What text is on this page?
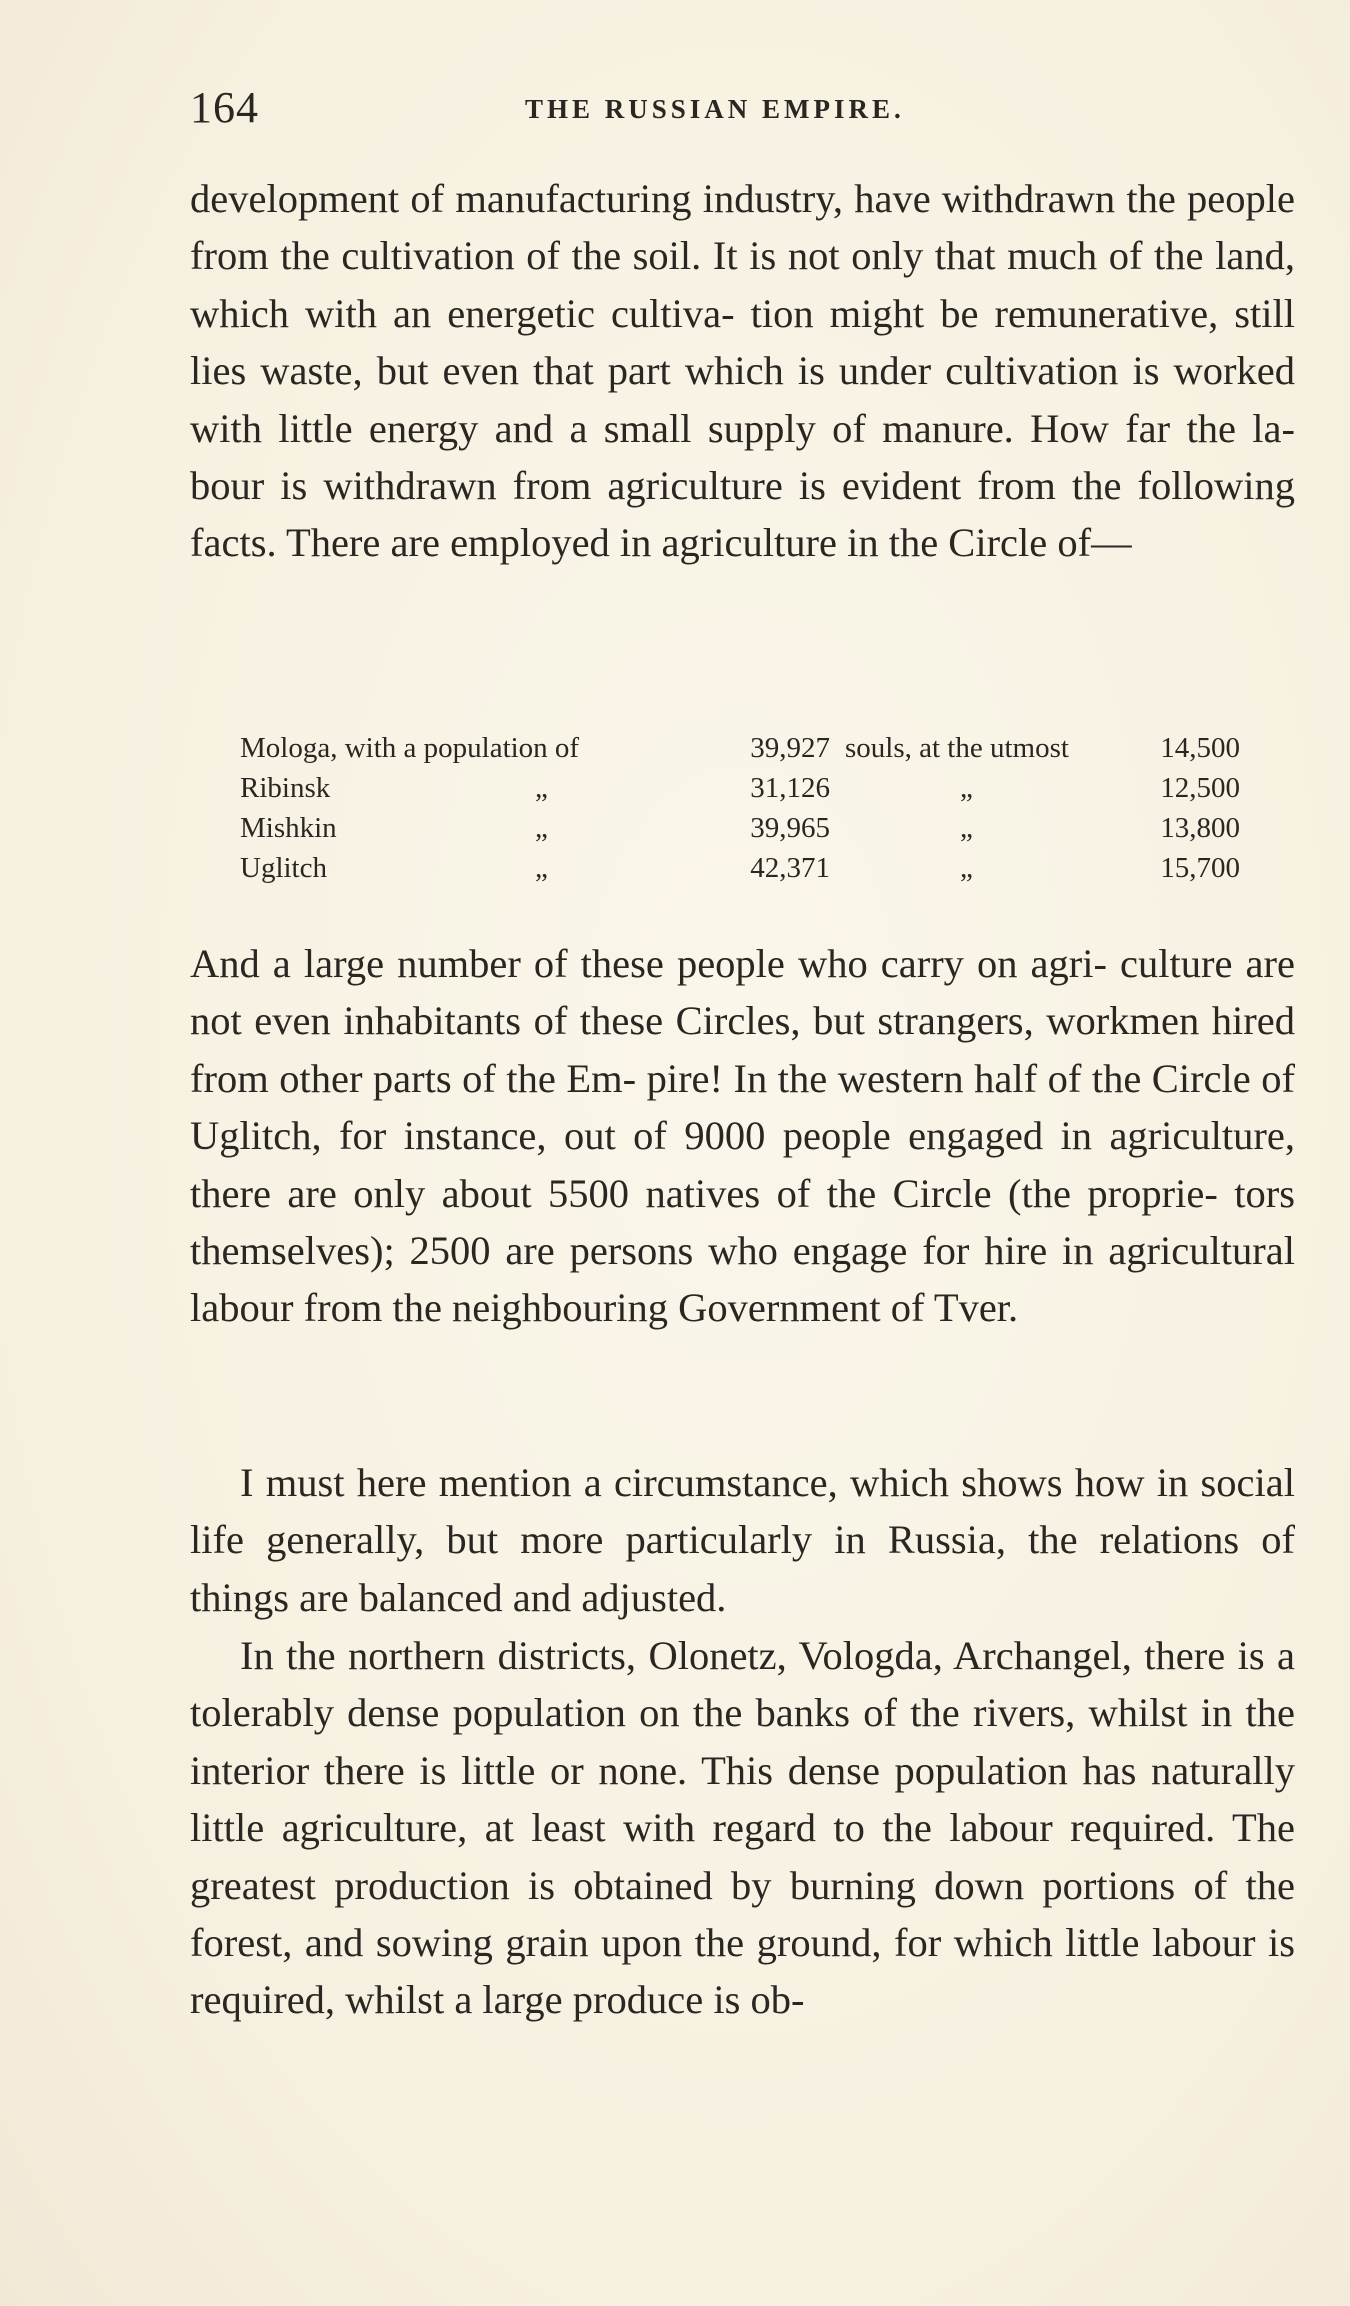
164	THE RUSSIAN EMPIRE.
development of manufacturing industry, have withdrawn the people from the cultivation of the soil. It is not only that much of the land, which with an energetic cultiva- tion might be remunerative, still lies waste, but even that part which is under cultivation is worked with little energy and a small supply of manure. How far the la- bour is withdrawn from agriculture is evident from the following facts. There are employed in agriculture in the Circle of—
Mologa, with a population of	39,927 souls, at the utmost	14,500
Ribinsk	„	31,126	„	12,500
Mishkin	„	39,965	„	13,800
Uglitch	„	42,371	„	15,700
And a large number of these people who carry on agri- culture are not even inhabitants of these Circles, but strangers, workmen hired from other parts of the Em- pire! In the western half of the Circle of Uglitch, for instance, out of 9000 people engaged in agriculture, there are only about 5500 natives of the Circle (the proprie- tors themselves); 2500 are persons who engage for hire in agricultural labour from the neighbouring Government of Tver.
I must here mention a circumstance, which shows how in social life generally, but more particularly in Russia, the relations of things are balanced and adjusted.
In the northern districts, Olonetz, Vologda, Archangel, there is a tolerably dense population on the banks of the rivers, whilst in the interior there is little or none. This dense population has naturally little agriculture, at least with regard to the labour required. The greatest production is obtained by burning down portions of the forest, and sowing grain upon the ground, for which little labour is required, whilst a large produce is ob-
